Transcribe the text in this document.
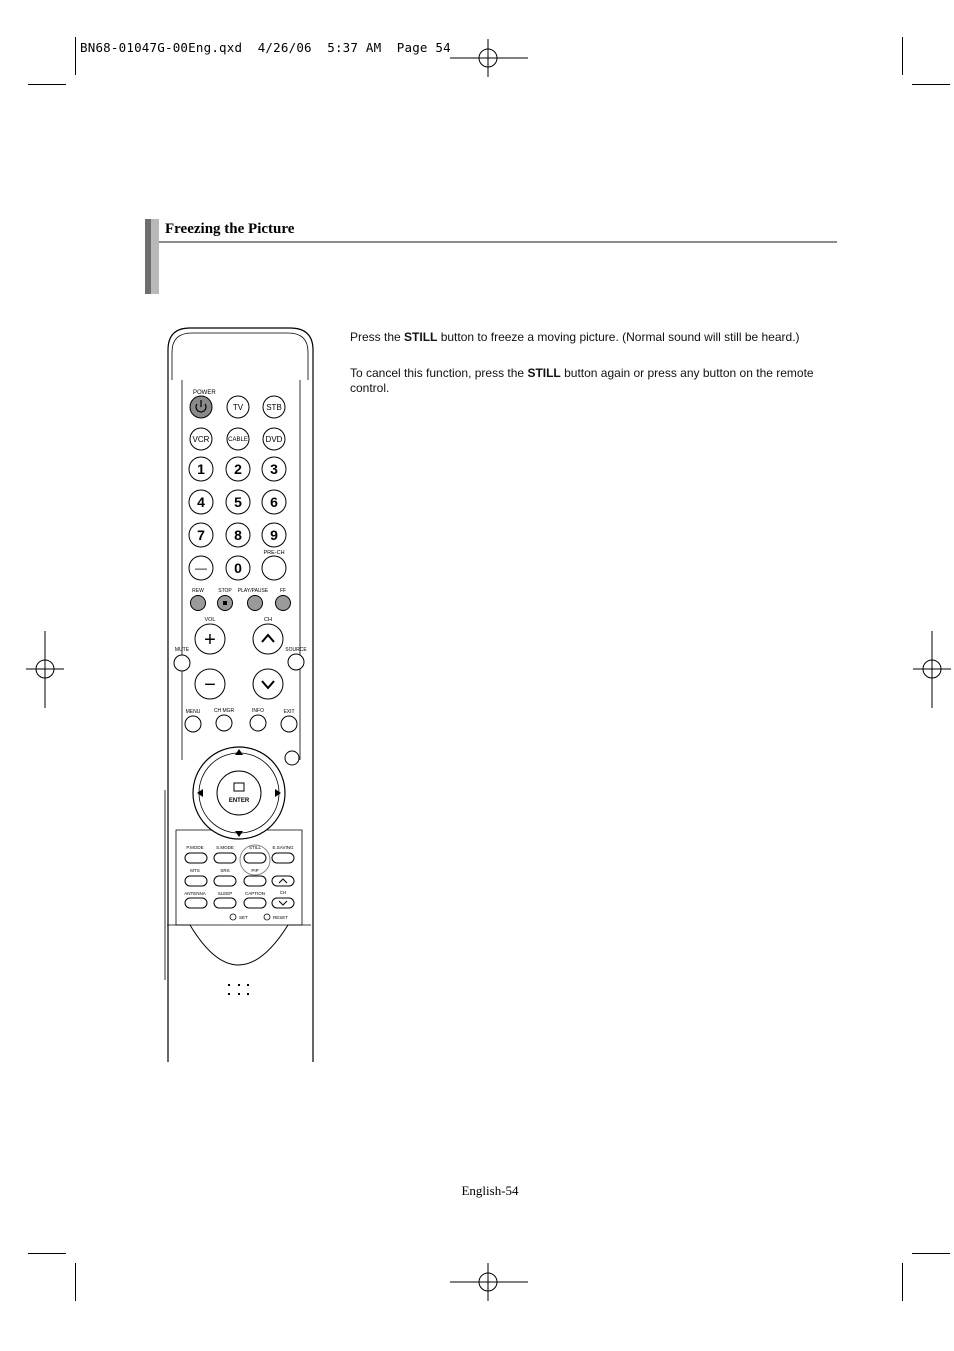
BN68-01047G-00Eng.qxd  4/26/06  5:37 AM  Page 54
Freezing the Picture
Press the STILL button to freeze a moving picture. (Normal sound will still be heard.)
To cancel this function, press the STILL button again or press any button on the remote control.
POWER
TV	STB
VCR	CABLE DVD
1 2 3
4 5 6
7 8 9
— 0
PRE-CH
REW	STOP PLAY/PAUSE FF
VOL	CH
+
−
MUTE	SOURCE
MENU	CH MGR	INFO	EXIT
ENTER
P.MODE	S.MODE	STILL	E.SAVING
MTS	SRS	PIP
ANTENNA	SLEEP	CAPTION	CH
SET	RESET
English-54
